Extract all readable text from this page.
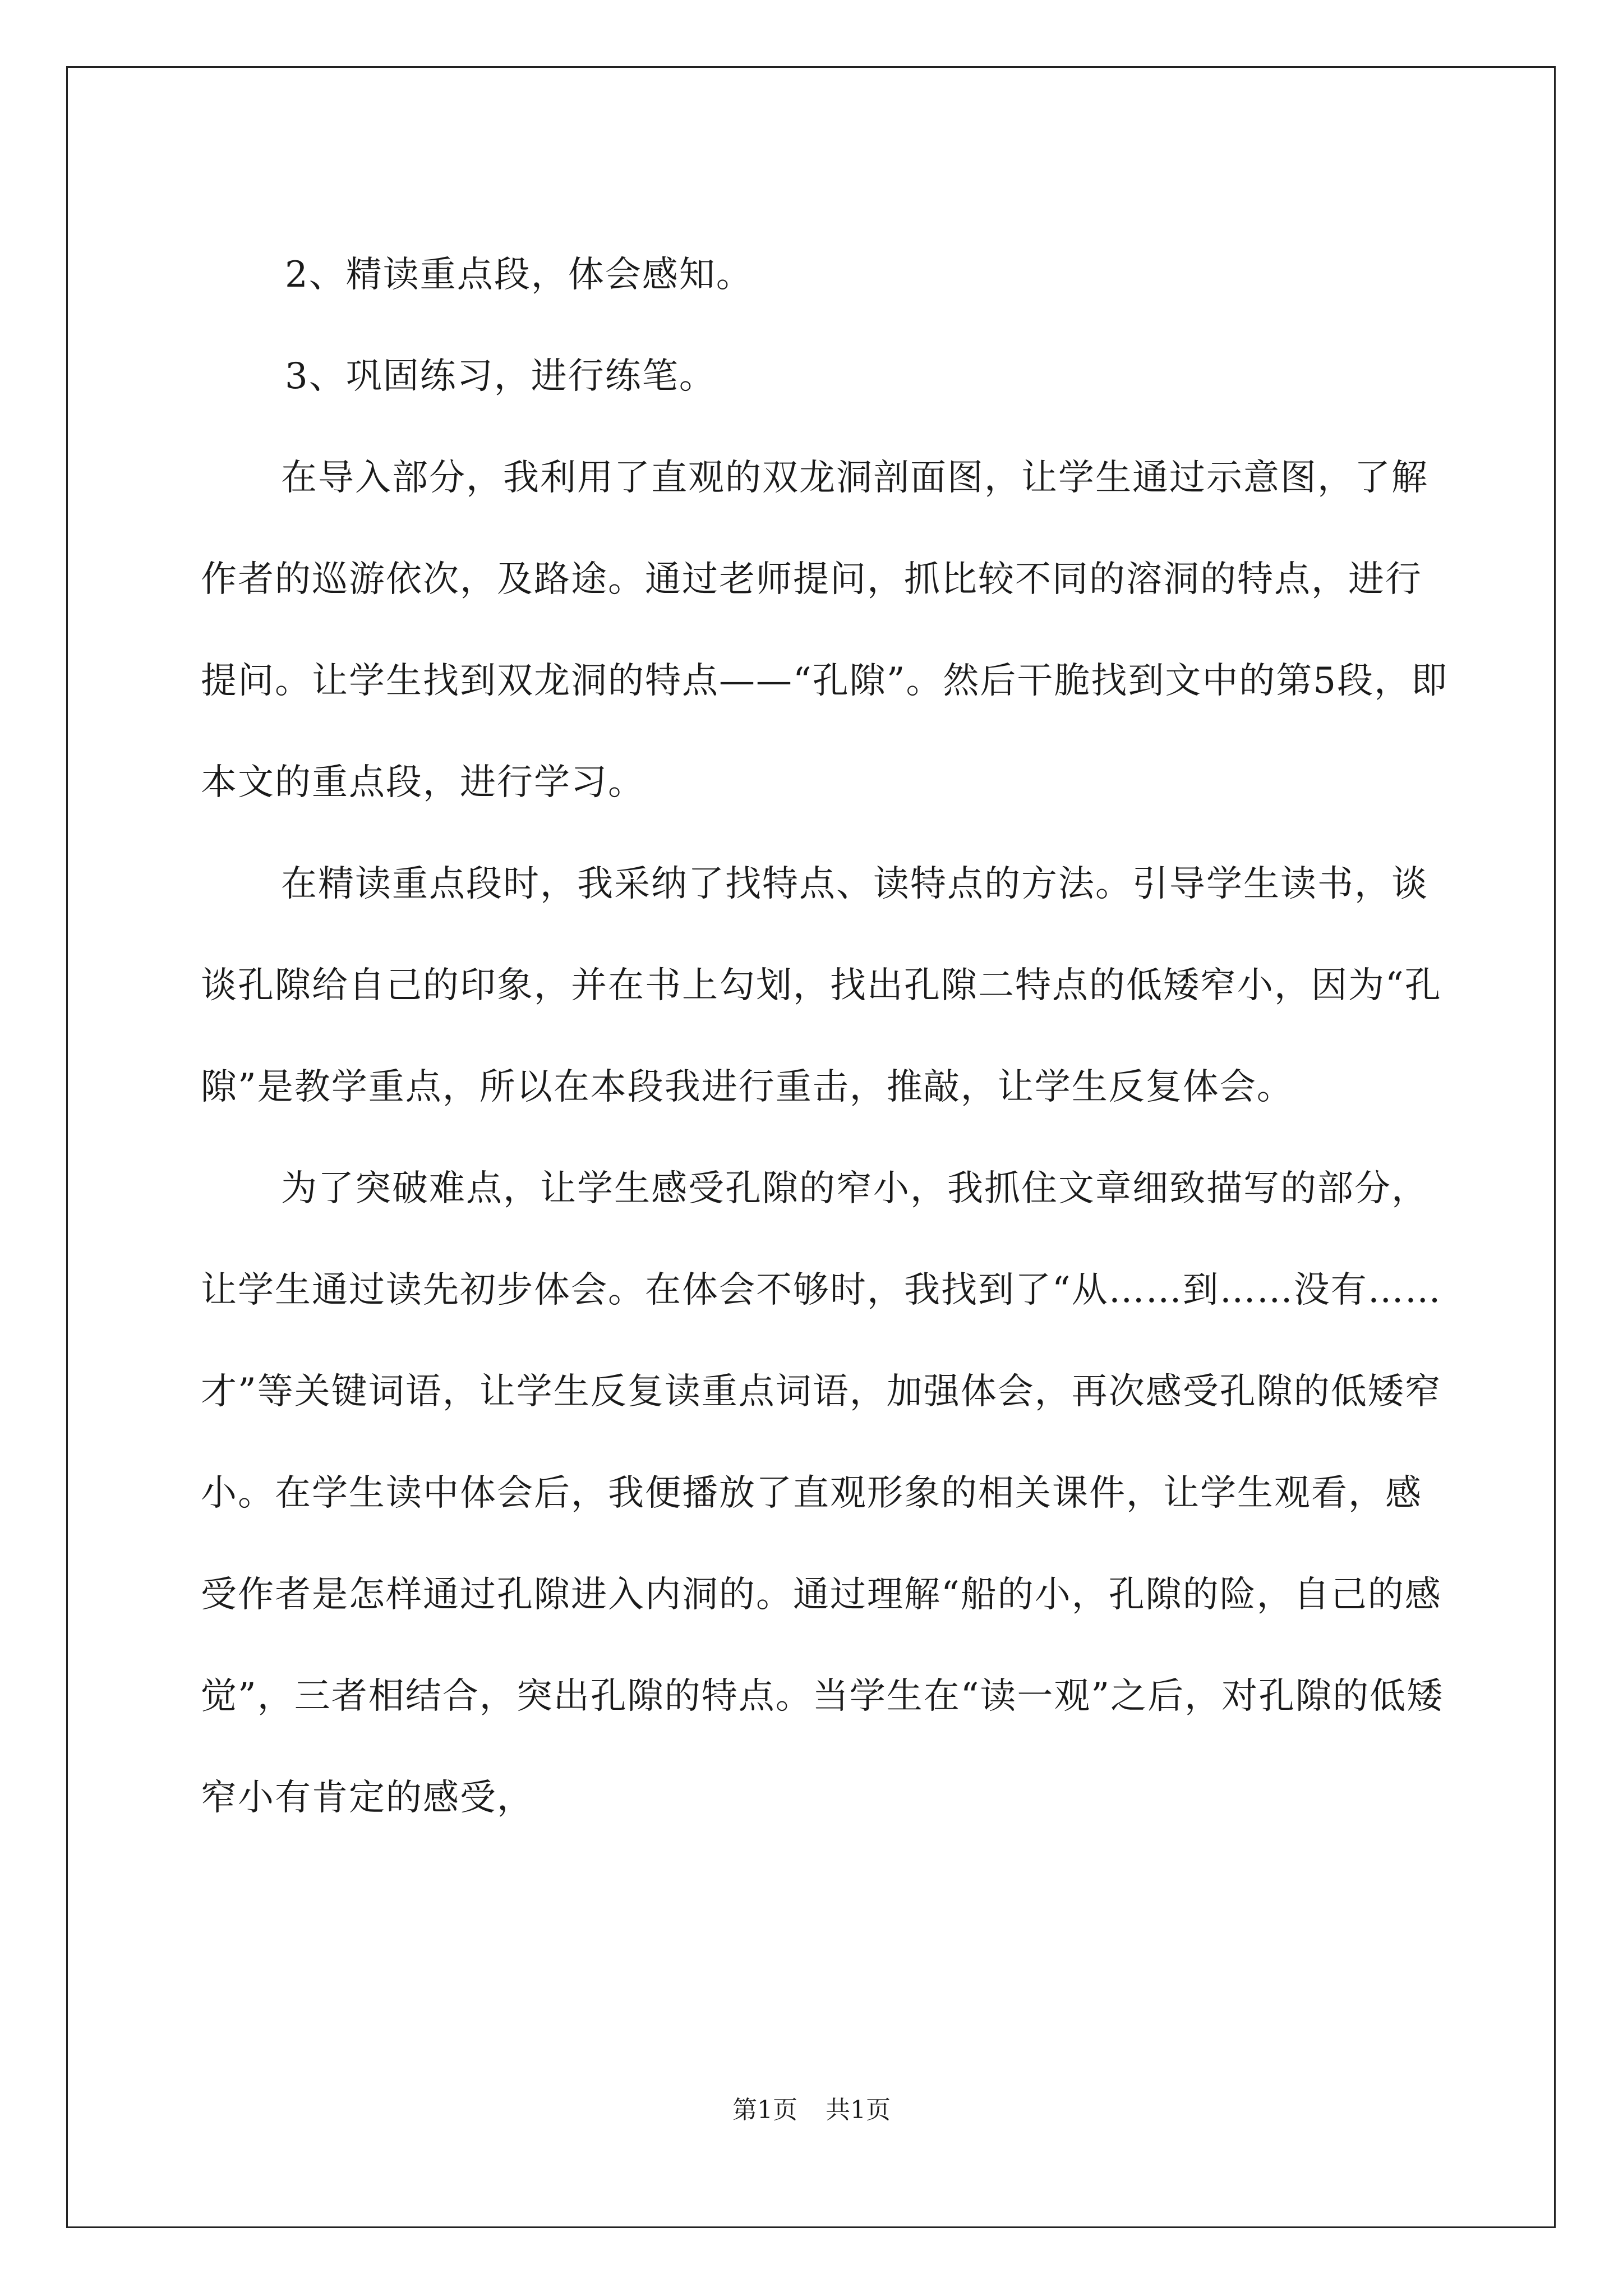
2、精读重点段，体会感知。

3、巩固练习，进行练笔。

在导入部分，我利用了直观的双龙洞剖面图，让学生通过示意图，了解作者的巡游依次，及路途。通过老师提问，抓比较不同的溶洞的特点，进行提问。让学生找到双龙洞的特点——“孔隙”。然后干脆找到文中的第5段，即本文的重点段，进行学习。

在精读重点段时，我采纳了找特点、读特点的方法。引导学生读书，谈谈孔隙给自己的印象，并在书上勾划，找出孔隙二特点的低矮窄小，因为“孔隙”是教学重点，所以在本段我进行重击，推敲，让学生反复体会。

为了突破难点，让学生感受孔隙的窄小，我抓住文章细致描写的部分，让学生通过读先初步体会。在体会不够时，我找到了“从……到……没有……才”等关键词语，让学生反复读重点词语，加强体会，再次感受孔隙的低矮窄小。在学生读中体会后，我便播放了直观形象的相关课件，让学生观看，感受作者是怎样通过孔隙进入内洞的。通过理解“船的小，孔隙的险，自己的感觉”，三者相结合，突出孔隙的特点。当学生在“读一观”之后，对孔隙的低矮窄小有肯定的感受，

第1页 共1页
